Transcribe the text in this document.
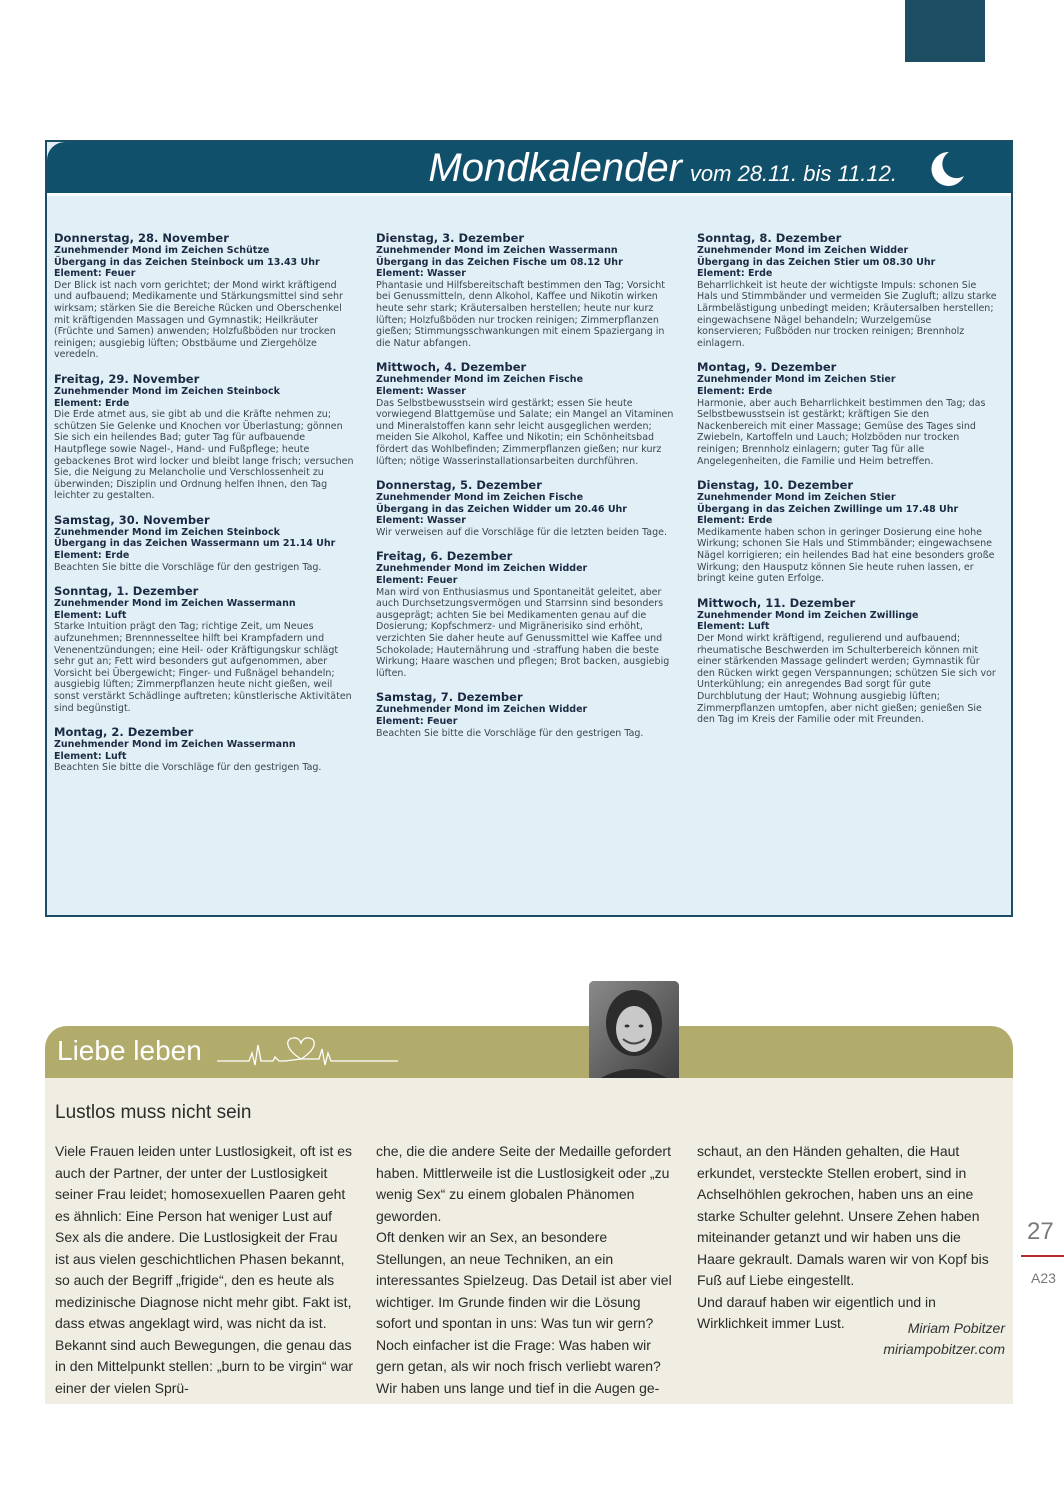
Mondkalender vom 28.11. bis 11.12.
Donnerstag, 28. November
Zunehmender Mond im Zeichen Schütze
Übergang in das Zeichen Steinbock um 13.43 Uhr
Element: Feuer
Der Blick ist nach vorn gerichtet; der Mond wirkt kräftigend und aufbauend; Medikamente und Stärkungsmittel sind sehr wirksam; stärken Sie die Bereiche Rücken und Oberschenkel mit kräftigenden Massagen und Gymnastik; Heilkräuter (Früchte und Samen) anwenden; Holzfußböden nur trocken reinigen; ausgiebig lüften; Obstbäume und Ziergehölze veredeln.
Freitag, 29. November
Zunehmender Mond im Zeichen Steinbock
Element: Erde
Die Erde atmet aus, sie gibt ab und die Kräfte nehmen zu; schützen Sie Gelenke und Knochen vor Überlastung; gönnen Sie sich ein heilendes Bad; guter Tag für aufbauende Hautpflege sowie Nagel-, Hand- und Fußpflege; heute gebackenes Brot wird locker und bleibt lange frisch; versuchen Sie, die Neigung zu Melancholie und Verschlossenheit zu überwinden; Disziplin und Ordnung helfen Ihnen, den Tag leichter zu gestalten.
Samstag, 30. November
Zunehmender Mond im Zeichen Steinbock
Übergang in das Zeichen Wassermann um 21.14 Uhr
Element: Erde
Beachten Sie bitte die Vorschläge für den gestrigen Tag.
Sonntag, 1. Dezember
Zunehmender Mond im Zeichen Wassermann
Element: Luft
Starke Intuition prägt den Tag; richtige Zeit, um Neues aufzunehmen; Brennnesseltee hilft bei Krampfadern und Venenentzündungen; eine Heil- oder Kräftigungskur schlägt sehr gut an; Fett wird besonders gut aufgenommen, aber Vorsicht bei Übergewicht; Finger- und Fußnägel behandeln; ausgiebig lüften; Zimmerpflanzen heute nicht gießen, weil sonst verstärkt Schädlinge auftreten; künstlerische Aktivitäten sind begünstigt.
Montag, 2. Dezember
Zunehmender Mond im Zeichen Wassermann
Element: Luft
Beachten Sie bitte die Vorschläge für den gestrigen Tag.
Dienstag, 3. Dezember
Zunehmender Mond im Zeichen Wassermann
Übergang in das Zeichen Fische um 08.12 Uhr
Element: Wasser
Phantasie und Hilfsbereitschaft bestimmen den Tag; Vorsicht bei Genussmitteln, denn Alkohol, Kaffee und Nikotin wirken heute sehr stark; Kräutersalben herstellen; heute nur kurz lüften; Holzfußböden nur trocken reinigen; Zimmerpflanzen gießen; Stimmungsschwankungen mit einem Spaziergang in die Natur abfangen.
Mittwoch, 4. Dezember
Zunehmender Mond im Zeichen Fische
Element: Wasser
Das Selbstbewusstsein wird gestärkt; essen Sie heute vorwiegend Blattgemüse und Salate; ein Mangel an Vitaminen und Mineralstoffen kann sehr leicht ausgeglichen werden; meiden Sie Alkohol, Kaffee und Nikotin; ein Schönheitsbad fördert das Wohlbefinden; Zimmerpflanzen gießen; nur kurz lüften; nötige Wasserinstallationsarbeiten durchführen.
Donnerstag, 5. Dezember
Zunehmender Mond im Zeichen Fische
Übergang in das Zeichen Widder um 20.46 Uhr
Element: Wasser
Wir verweisen auf die Vorschläge für die letzten beiden Tage.
Freitag, 6. Dezember
Zunehmender Mond im Zeichen Widder
Element: Feuer
Man wird von Enthusiasmus und Spontaneität geleitet, aber auch Durchsetzungsvermögen und Starrsinn sind besonders ausgeprägt; achten Sie bei Medikamenten genau auf die Dosierung; Kopfschmerz- und Migränerisiko sind erhöht, verzichten Sie daher heute auf Genussmittel wie Kaffee und Schokolade; Hauternährung und -straffung haben die beste Wirkung; Haare waschen und pflegen; Brot backen, ausgiebig lüften.
Samstag, 7. Dezember
Zunehmender Mond im Zeichen Widder
Element: Feuer
Beachten Sie bitte die Vorschläge für den gestrigen Tag.
Sonntag, 8. Dezember
Zunehmender Mond im Zeichen Widder
Übergang in das Zeichen Stier um 08.30 Uhr
Element: Erde
Beharrlichkeit ist heute der wichtigste Impuls: schonen Sie Hals und Stimmbänder und vermeiden Sie Zugluft; allzu starke Lärmbelästigung unbedingt meiden; Kräutersalben herstellen; eingewachsene Nägel behandeln; Wurzelgemüse konservieren; Fußböden nur trocken reinigen; Brennholz einlagern.
Montag, 9. Dezember
Zunehmender Mond im Zeichen Stier
Element: Erde
Harmonie, aber auch Beharrlichkeit bestimmen den Tag; das Selbstbewusstsein ist gestärkt; kräftigen Sie den Nackenbereich mit einer Massage; Gemüse des Tages sind Zwiebeln, Kartoffeln und Lauch; Holzböden nur trocken reinigen; Brennholz einlagern; guter Tag für alle Angelegenheiten, die Familie und Heim betreffen.
Dienstag, 10. Dezember
Zunehmender Mond im Zeichen Stier
Übergang in das Zeichen Zwillinge um 17.48 Uhr
Element: Erde
Medikamente haben schon in geringer Dosierung eine hohe Wirkung; schonen Sie Hals und Stimmbänder; eingewachsene Nägel korrigieren; ein heilendes Bad hat eine besonders große Wirkung; den Hausputz können Sie heute ruhen lassen, er bringt keine guten Erfolge.
Mittwoch, 11. Dezember
Zunehmender Mond im Zeichen Zwillinge
Element: Luft
Der Mond wirkt kräftigend, regulierend und aufbauend; rheumatische Beschwerden im Schulterbereich können mit einer stärkenden Massage gelindert werden; Gymnastik für den Rücken wirkt gegen Verspannungen; schützen Sie sich vor Unterkühlung; ein anregendes Bad sorgt für gute Durchblutung der Haut; Wohnung ausgiebig lüften; Zimmerpflanzen umtopfen, aber nicht gießen; genießen Sie den Tag im Kreis der Familie oder mit Freunden.
Liebe leben
Lustlos muss nicht sein

Viele Frauen leiden unter Lustlosigkeit, oft ist es auch der Partner, der unter der Lustlosigkeit seiner Frau leidet; homosexuellen Paaren geht es ähnlich: Eine Person hat weniger Lust auf Sex als die andere. Die Lustlosigkeit der Frau ist aus vielen geschichtlichen Phasen bekannt, so auch der Begriff „frigide“, den es heute als medizinische Diagnose nicht mehr gibt. Fakt ist, dass etwas angeklagt wird, was nicht da ist. Bekannt sind auch Bewegungen, die genau das in den Mittelpunkt stellen: „burn to be virgin“ war einer der vielen Sprü-

che, die die andere Seite der Medaille gefordert haben. Mittlerweile ist die Lustlosigkeit oder „zu wenig Sex“ zu einem globalen Phänomen geworden.

Oft denken wir an Sex, an besondere Stellungen, an neue Techniken, an ein interessantes Spielzeug. Das Detail ist aber viel wichtiger. Im Grunde finden wir die Lösung sofort und spontan in uns: Was tun wir gern? Noch einfacher ist die Frage: Was haben wir gern getan, als wir noch frisch verliebt waren?

Wir haben uns lange und tief in die Augen ge-

schaut, an den Händen gehalten, die Haut erkundet, versteckte Stellen erobert, sind in Achselhöhlen gekrochen, haben uns an eine starke Schulter gelehnt. Unsere Zehen haben miteinander getanzt und wir haben uns die Haare gekrault. Damals waren wir von Kopf bis Fuß auf Liebe eingestellt.

Und darauf haben wir eigentlich und in Wirklichkeit immer Lust.	Miriam Pobitzer
miriampobitzer.com
27
A23
